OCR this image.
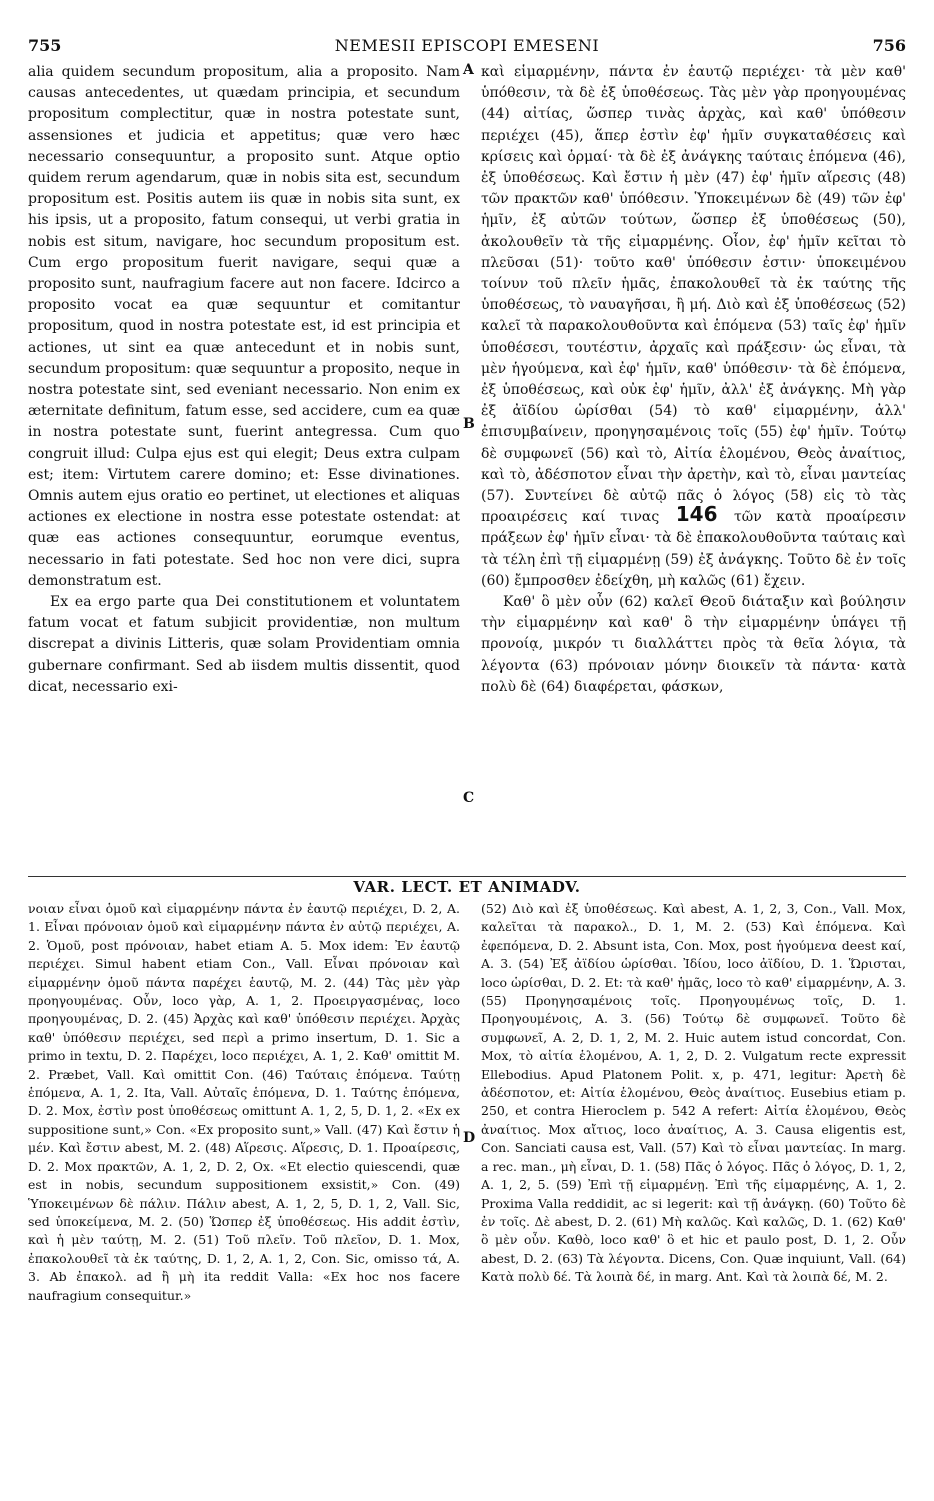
755	NEMESII EPISCOPI EMESENI	756

alia quidem secundum propositum, alia a proposito. Nam causas antecedentes, ut quædam principia, et secundum propositum complectitur, quæ in nostra potestate sunt, assensiones et judicia et appetitus; quæ vero hæc necessario consequuntur, a proposito sunt. Atque optio quidem rerum agendarum, quæ in nobis sita est, secundum propositum est. Positis autem iis quæ in nobis sita sunt, ex his ipsis, ut a proposito, fatum consequi, ut verbi gratia in nobis est situm, navigare, hoc secundum propositum est. Cum ergo propositum fuerit navigare, sequi quæ a proposito sunt, naufragium facere aut non facere. Idcirco a proposito vocat ea quæ sequuntur et comitantur propositum, quod in nostra potestate est, id est principia et actiones, ut sint ea quæ antecedunt et in nobis sunt, secundum propositum: quæ sequuntur a proposito, neque in nostra potestate sint, sed eveniant necessario. Non enim ex æternitate definitum, fatum esse, sed accidere, cum ea quæ in nostra potestate sunt, fuerint antegressa. Cum quo congruit illud: Culpa ejus est qui elegit; Deus extra culpam est; item: Virtutem carere domino; et: Esse divinationes. Omnis autem ejus oratio eo pertinet, ut electiones et aliquas actiones ex electione in nostra esse potestate ostendat: at quæ eas actiones consequuntur, eorumque eventus, necessario in fati potestate. Sed hoc non vere dici, supra demonstratum est.

Ex ea ergo parte qua Dei constitutionem et voluntatem fatum vocat et fatum subjicit providentiæ, non multum discrepat a divinis Litteris, quæ solam Providentiam omnia gubernare confirmant. Sed ab iisdem multis dissentit, quod dicat, necessario exi-

A
B
C
D

καὶ εἱμαρμένην, πάντα ἐν ἑαυτῷ περιέχει· τὰ μὲν καθ' ὑπόθεσιν, τὰ δὲ ἐξ ὑποθέσεως. Τὰς μὲν γὰρ προηγουμένας (44) αἰτίας, ὥσπερ τινὰς ἀρχὰς, καὶ καθ' ὑπόθεσιν περιέχει (45), ἅπερ ἐστὶν ἐφ' ἡμῖν συγκαταθέσεις καὶ κρίσεις καὶ ὁρμαί· τὰ δὲ ἐξ ἀνάγκης ταύταις ἑπόμενα (46), ἐξ ὑποθέσεως. Καὶ ἔστιν ἡ μὲν (47) ἐφ' ἡμῖν αἵρεσις (48) τῶν πρακτῶν καθ' ὑπόθεσιν. Ὑποκειμένων δὲ (49) τῶν ἐφ' ἡμῖν, ἐξ αὐτῶν τούτων, ὥσπερ ἐξ ὑποθέσεως (50), ἀκολουθεῖν τὰ τῆς εἱμαρμένης. Οἷον, ἐφ' ἡμῖν κεῖται τὸ πλεῦσαι (51)· τοῦτο καθ' ὑπόθεσιν ἐστιν· ὑποκειμένου τοίνυν τοῦ πλεῖν ἡμᾶς, ἐπακολουθεῖ τὰ ἐκ ταύτης τῆς ὑποθέσεως, τὸ ναυαγῆσαι, ἢ μή. Διὸ καὶ ἐξ ὑποθέσεως (52) καλεῖ τὰ παρακολουθοῦντα καὶ ἑπόμενα (53) ταῖς ἐφ' ἡμῖν ὑποθέσεσι, τουτέστιν, ἀρχαῖς καὶ πράξεσιν· ὡς εἶναι, τὰ μὲν ἡγούμενα, καὶ ἐφ' ἡμῖν, καθ' ὑπόθεσιν· τὰ δὲ ἑπόμενα, ἐξ ὑποθέσεως, καὶ οὐκ ἐφ' ἡμῖν, ἀλλ' ἐξ ἀνάγκης. Μὴ γὰρ ἐξ ἀϊδίου ὡρίσθαι (54) τὸ καθ' εἱμαρμένην, ἀλλ' ἐπισυμβαίνειν, προηγησαμένοις τοῖς (55) ἐφ' ἡμῖν. Τούτῳ δὲ συμφωνεῖ (56) καὶ τὸ, Αἰτία ἑλομένου, Θεὸς ἀναίτιος, καὶ τὸ, ἀδέσποτον εἶναι τὴν ἀρετὴν, καὶ τὸ, εἶναι μαντείας (57). Συντείνει δὲ αὐτῷ πᾶς ὁ λόγος (58) εἰς τὸ τὰς προαιρέσεις καί τινας 146 τῶν κατὰ προαίρεσιν πράξεων ἐφ' ἡμῖν εἶναι· τὰ δὲ ἐπακολουθοῦντα ταύταις καὶ τὰ τέλη ἐπὶ τῇ εἱμαρμένῃ (59) ἐξ ἀνάγκης. Τοῦτο δὲ ἐν τοῖς (60) ἔμπροσθεν ἐδείχθη, μὴ καλῶς (61) ἔχειν.

Καθ' ὃ μὲν οὖν (62) καλεῖ Θεοῦ διάταξιν καὶ βούλησιν τὴν εἱμαρμένην καὶ καθ' ὃ τὴν εἱμαρμένην ὑπάγει τῇ προνοίᾳ, μικρόν τι διαλλάττει πρὸς τὰ θεῖα λόγια, τὰ λέγοντα (63) πρόνοιαν μόνην διοικεῖν τὰ πάντα· κατὰ πολὺ δὲ (64) διαφέρεται, φάσκων,

VAR. LECT. ET ANIMADV.

νοιαν εἶναι ὁμοῦ καὶ εἱμαρμένην πάντα ἐν ἑαυτῷ περιέχει, D. 2, A. 1. Εἶναι πρόνοιαν ὁμοῦ καὶ εἱμαρμένην πάντα ἐν αὐτῷ περιέχει, A. 2. Ὁμοῦ, post πρόνοιαν, habet etiam A. 5. Mox idem: Ἐν ἑαυτῷ περιέχει. Simul habent etiam Con., Vall. Εἶναι πρόνοιαν καὶ εἱμαρμένην ὁμοῦ πάντα παρέχει ἑαυτῷ, M. 2. (44) Τὰς μὲν γὰρ προηγουμένας. Οὖν, loco γὰρ, A. 1, 2. Προειργασμένας, loco προηγουμένας, D. 2. (45) Ἀρχὰς καὶ καθ' ὑπόθεσιν περιέχει. Ἀρχὰς καθ' ὑπόθεσιν περιέχει, sed περὶ a primo insertum, D. 1. Sic a primo in textu, D. 2. Παρέχει, loco περιέχει, A. 1, 2. Καθ' omittit M. 2. Præbet, Vall. Καὶ omittit Con. (46) Ταύταις ἑπόμενα. Ταύτῃ ἑπόμενα, A. 1, 2. Ita, Vall. Αὐταῖς ἑπόμενα, D. 1. Ταύτης ἑπόμενα, D. 2. Mox, ἐστὶν post ὑποθέσεως omittunt A. 1, 2, 5, D. 1, 2. «Ex ex suppositione sunt,» Con. «Ex proposito sunt,» Vall. (47) Καὶ ἔστιν ἡ μέν. Καὶ ἔστιν abest, M. 2. (48) Αἵρεσις. Αἵρεσις, D. 1. Προαίρεσις, D. 2. Mox πρακτῶν, A. 1, 2, D. 2, Ox. «Et electio quiescendi, quæ est in nobis, secundum suppositionem exsistit,» Con. (49) Ὑποκειμένων δὲ πάλιν. Πάλιν abest, A. 1, 2, 5, D. 1, 2, Vall. Sic, sed ὑποκείμενα, M. 2. (50) Ὥσπερ ἐξ ὑποθέσεως. His addit ἐστὶν, καὶ ἡ μὲν ταύτῃ, M. 2. (51) Τοῦ πλεῖν. Τοῦ πλεῖον, D. 1. Mox, ἐπακολουθεῖ τὰ ἐκ ταύτης, D. 1, 2, A. 1, 2, Con. Sic, omisso τά, A. 3. Ab ἐπακολ. ad ἢ μὴ ita reddit Valla: «Ex hoc nos facere naufragium consequitur.»

(52) Διὸ καὶ ἐξ ὑποθέσεως. Καὶ abest, A. 1, 2, 3, Con., Vall. Mox, καλεῖται τὰ παρακολ., D. 1, M. 2. (53) Καὶ ἑπόμενα. Καὶ ἐφεπόμενα, D. 2. Absunt ista, Con. Mox, post ἡγούμενα deest καί, A. 3. (54) Ἐξ ἀϊδίου ὡρίσθαι. Ἰδίου, loco ἀϊδίου, D. 1. Ὥρισται, loco ὡρίσθαι, D. 2. Et: τὰ καθ' ἡμᾶς, loco τὸ καθ' εἱμαρμένην, A. 3. (55) Προηγησαμένοις τοῖς. Προηγουμένως τοῖς, D. 1. Προηγουμένοις, A. 3. (56) Τούτῳ δὲ συμφωνεῖ. Τοῦτο δὲ συμφωνεῖ, A. 2, D. 1, 2, M. 2. Huic autem istud concordat, Con. Mox, τὸ αἰτία ἑλομένου, A. 1, 2, D. 2. Vulgatum recte expressit Ellebodius. Apud Platonem Polit. x, p. 471, legitur: Ἀρετὴ δὲ ἀδέσποτον, et: Αἰτία ἑλομένου, Θεὸς ἀναίτιος. Eusebius etiam p. 250, et contra Hieroclem p. 542 A refert: Αἰτία ἑλομένου, Θεὸς ἀναίτιος. Mox αἴτιος, loco ἀναίτιος, A. 3. Causa eligentis est, Con. Sanciati causa est, Vall. (57) Καὶ τὸ εἶναι μαντείας. In marg. a rec. man., μὴ εἶναι, D. 1. (58) Πᾶς ὁ λόγος. Πᾶς ὁ λόγος, D. 1, 2, A. 1, 2, 5. (59) Ἐπὶ τῇ εἱμαρμένῃ. Ἐπὶ τῆς εἱμαρμένης, A. 1, 2. Proxima Valla reddidit, ac si legerit: καὶ τῇ ἀνάγκῃ. (60) Τοῦτο δὲ ἐν τοῖς. Δὲ abest, D. 2. (61) Μὴ καλῶς. Καὶ καλῶς, D. 1. (62) Καθ' ὃ μὲν οὖν. Καθὸ, loco καθ' ὃ et hic et paulo post, D. 1, 2. Οὖν abest, D. 2. (63) Τὰ λέγοντα. Dicens, Con. Quæ inquiunt, Vall. (64) Κατὰ πολὺ δέ. Τὰ λοιπὰ δέ, in marg. Ant. Καὶ τὰ λοιπὰ δέ, M. 2.
